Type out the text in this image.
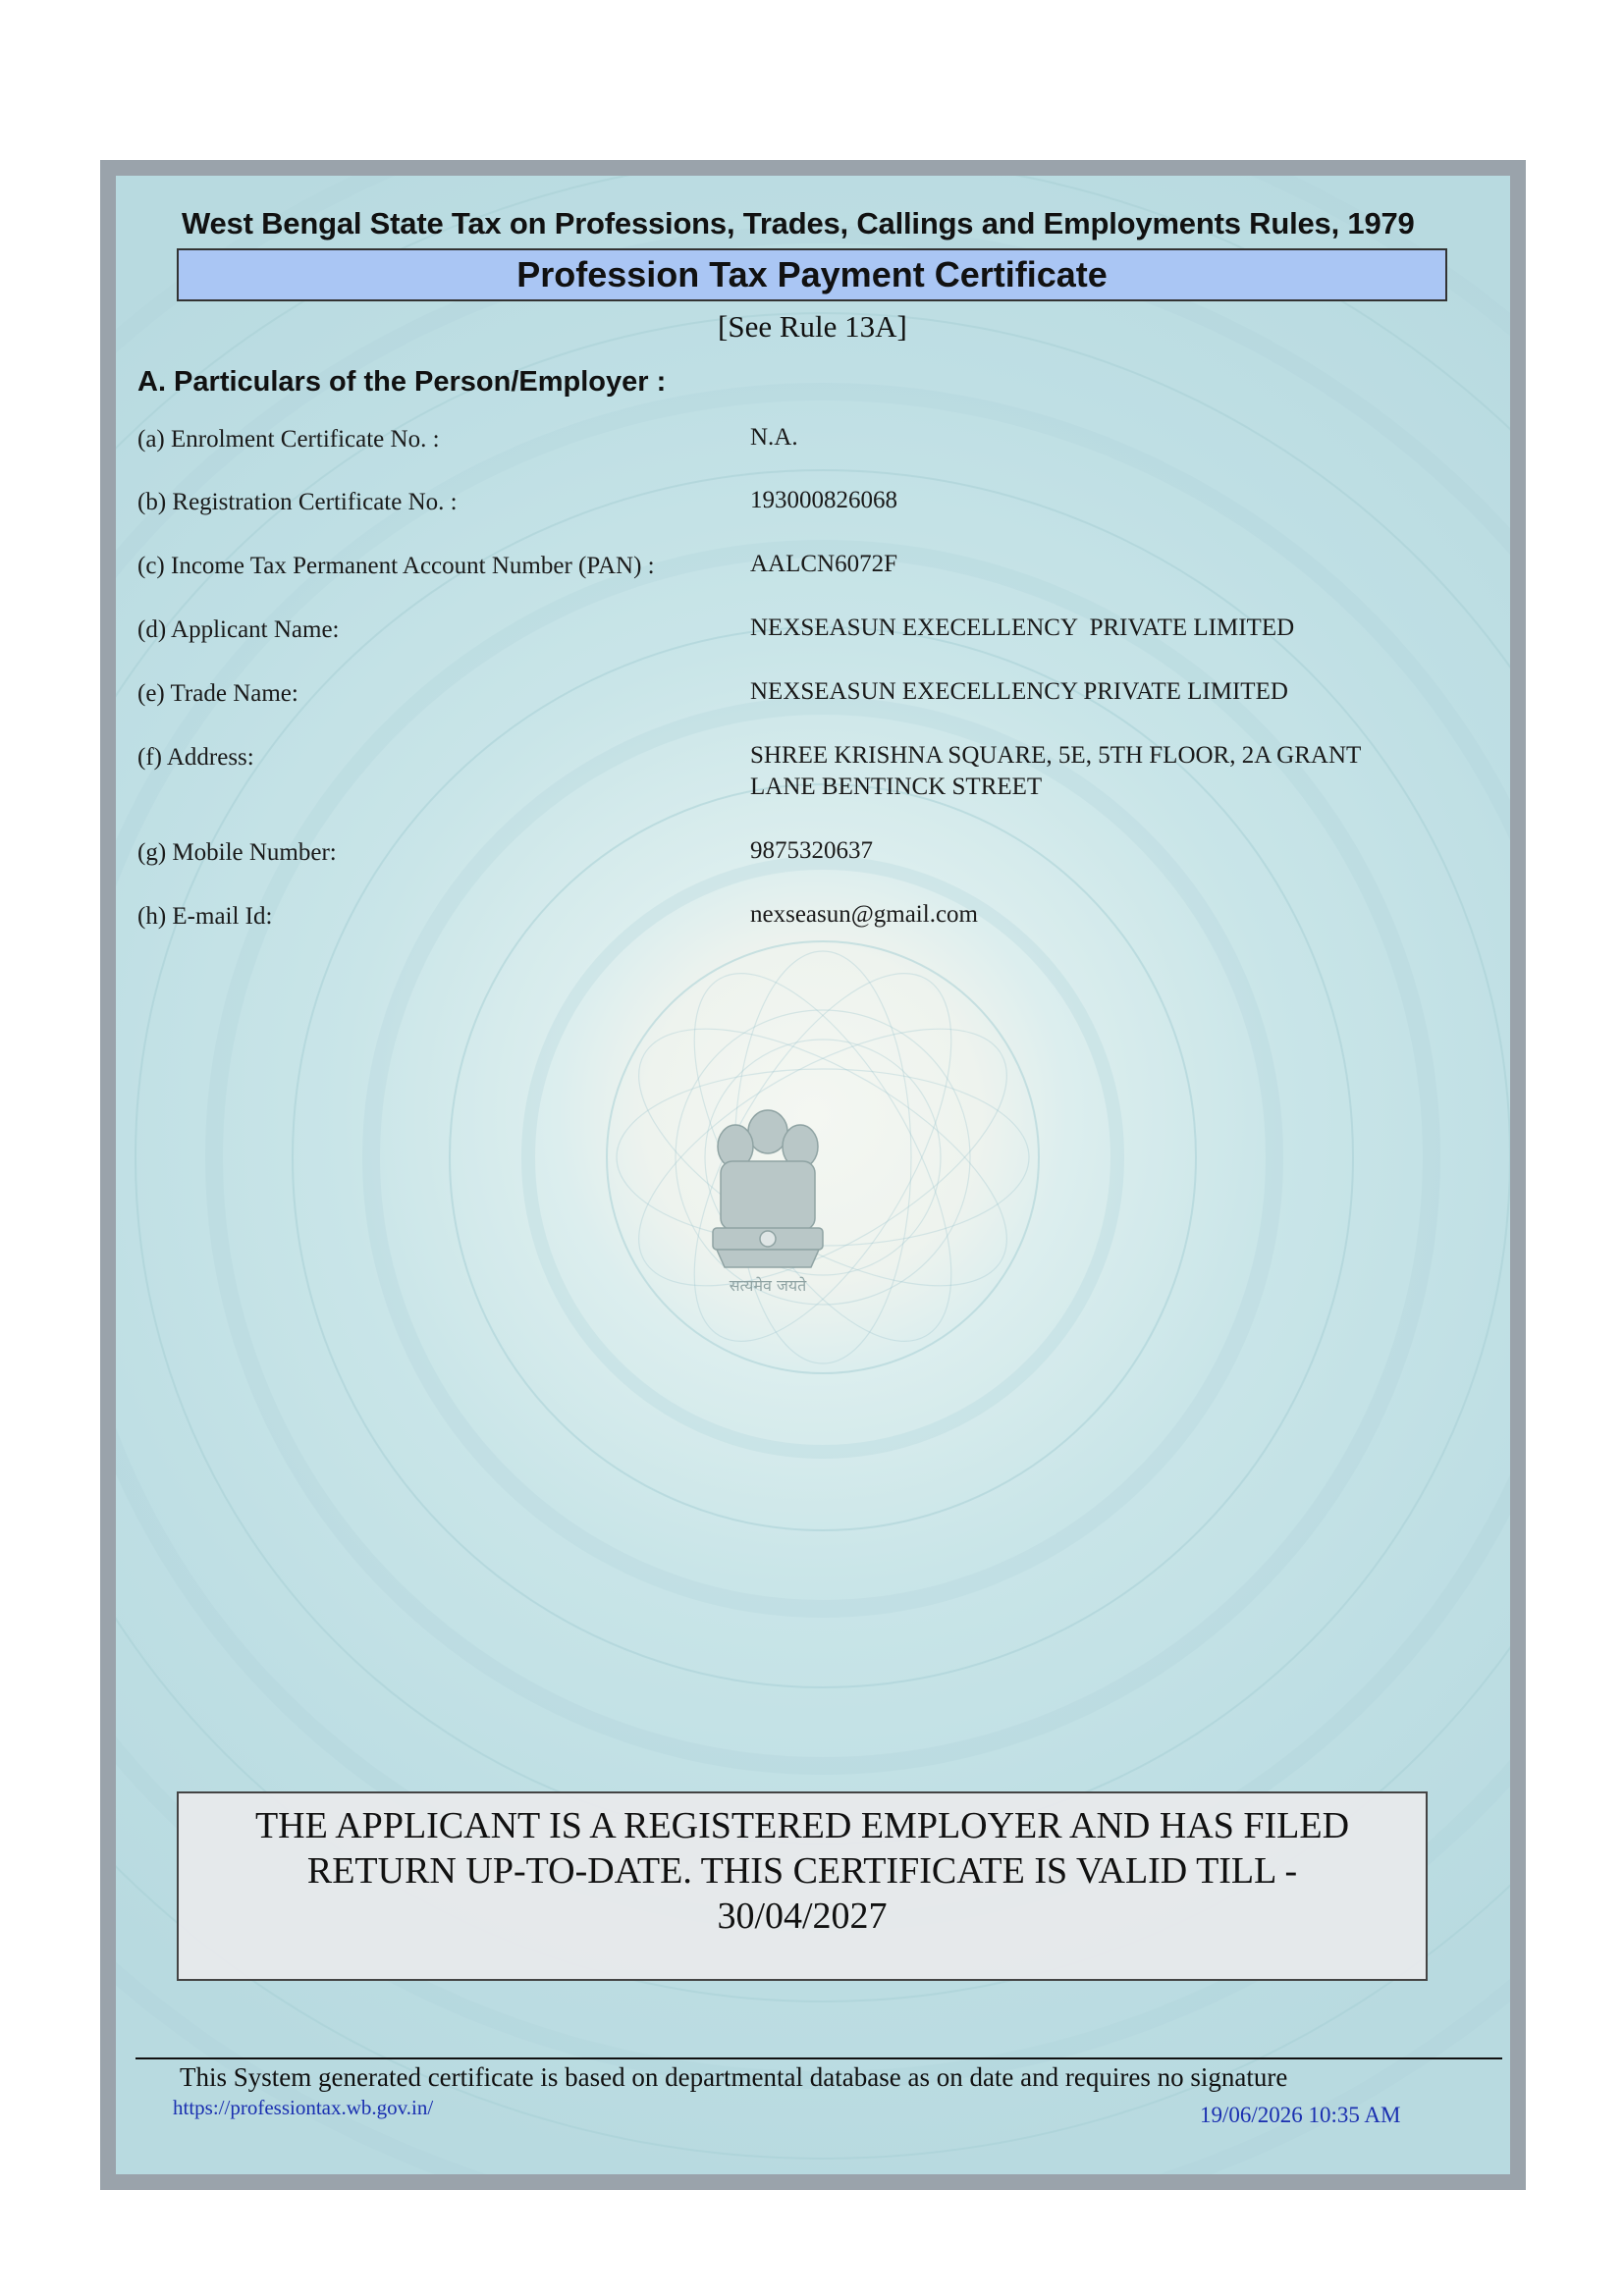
सत्यमेव जयते
West Bengal State Tax on Professions, Trades, Callings and Employments Rules, 1979
Profession Tax Payment Certificate
[See Rule 13A]
A. Particulars of the Person/Employer :
(a) Enrolment Certificate No. :	N.A.
(b) Registration Certificate No. :	193000826068
(c) Income Tax Permanent Account Number (PAN) :	AALCN6072F
(d) Applicant Name:	NEXSEASUN EXECELLENCY  PRIVATE LIMITED
(e) Trade Name:	NEXSEASUN EXECELLENCY PRIVATE LIMITED
(f) Address:	SHREE KRISHNA SQUARE, 5E, 5TH FLOOR, 2A GRANT
LANE BENTINCK STREET
(g) Mobile Number:	9875320637
(h) E-mail Id:	nexseasun@gmail.com
THE APPLICANT IS A REGISTERED EMPLOYER AND HAS FILED
RETURN UP-TO-DATE. THIS CERTIFICATE IS VALID TILL -
30/04/2027
This System generated certificate is based on departmental database as on date and requires no signature
https://professiontax.wb.gov.in/	19/06/2026 10:35 AM
